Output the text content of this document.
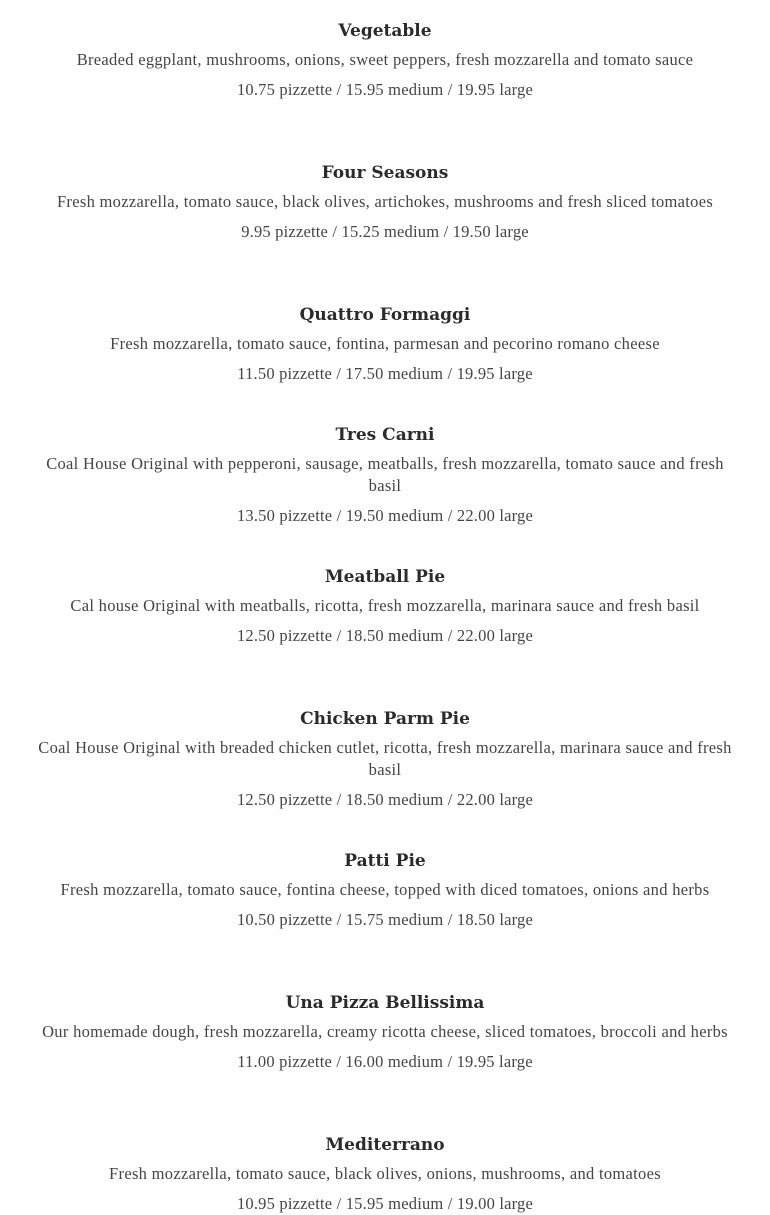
Vegetable

Breaded eggplant, mushrooms, onions, sweet peppers, fresh mozzarella and tomato sauce

10.75 pizzette / 15.95 medium / 19.95 large

Four Seasons

Fresh mozzarella, tomato sauce, black olives, artichokes, mushrooms and fresh sliced tomatoes

9.95 pizzette / 15.25 medium / 19.50 large

Quattro Formaggi

Fresh mozzarella, tomato sauce, fontina, parmesan and pecorino romano cheese

11.50 pizzette / 17.50 medium / 19.95 large

Tres Carni

Coal House Original with pepperoni, sausage, meatballs, fresh mozzarella, tomato sauce and fresh basil

13.50 pizzette / 19.50 medium / 22.00 large

Meatball Pie

Cal house Original with meatballs, ricotta, fresh mozzarella, marinara sauce and fresh basil

12.50 pizzette / 18.50 medium / 22.00 large

Chicken Parm Pie

Coal House Original with breaded chicken cutlet, ricotta, fresh mozzarella, marinara sauce and fresh basil

12.50 pizzette / 18.50 medium / 22.00 large

Patti Pie

Fresh mozzarella, tomato sauce, fontina cheese, topped with diced tomatoes, onions and herbs

10.50 pizzette / 15.75 medium / 18.50 large

Una Pizza Bellissima

Our homemade dough, fresh mozzarella, creamy ricotta cheese, sliced tomatoes, broccoli and herbs

11.00 pizzette / 16.00 medium / 19.95 large

Mediterrano

Fresh mozzarella, tomato sauce, black olives, onions, mushrooms, and tomatoes

10.95 pizzette / 15.95 medium / 19.00 large
